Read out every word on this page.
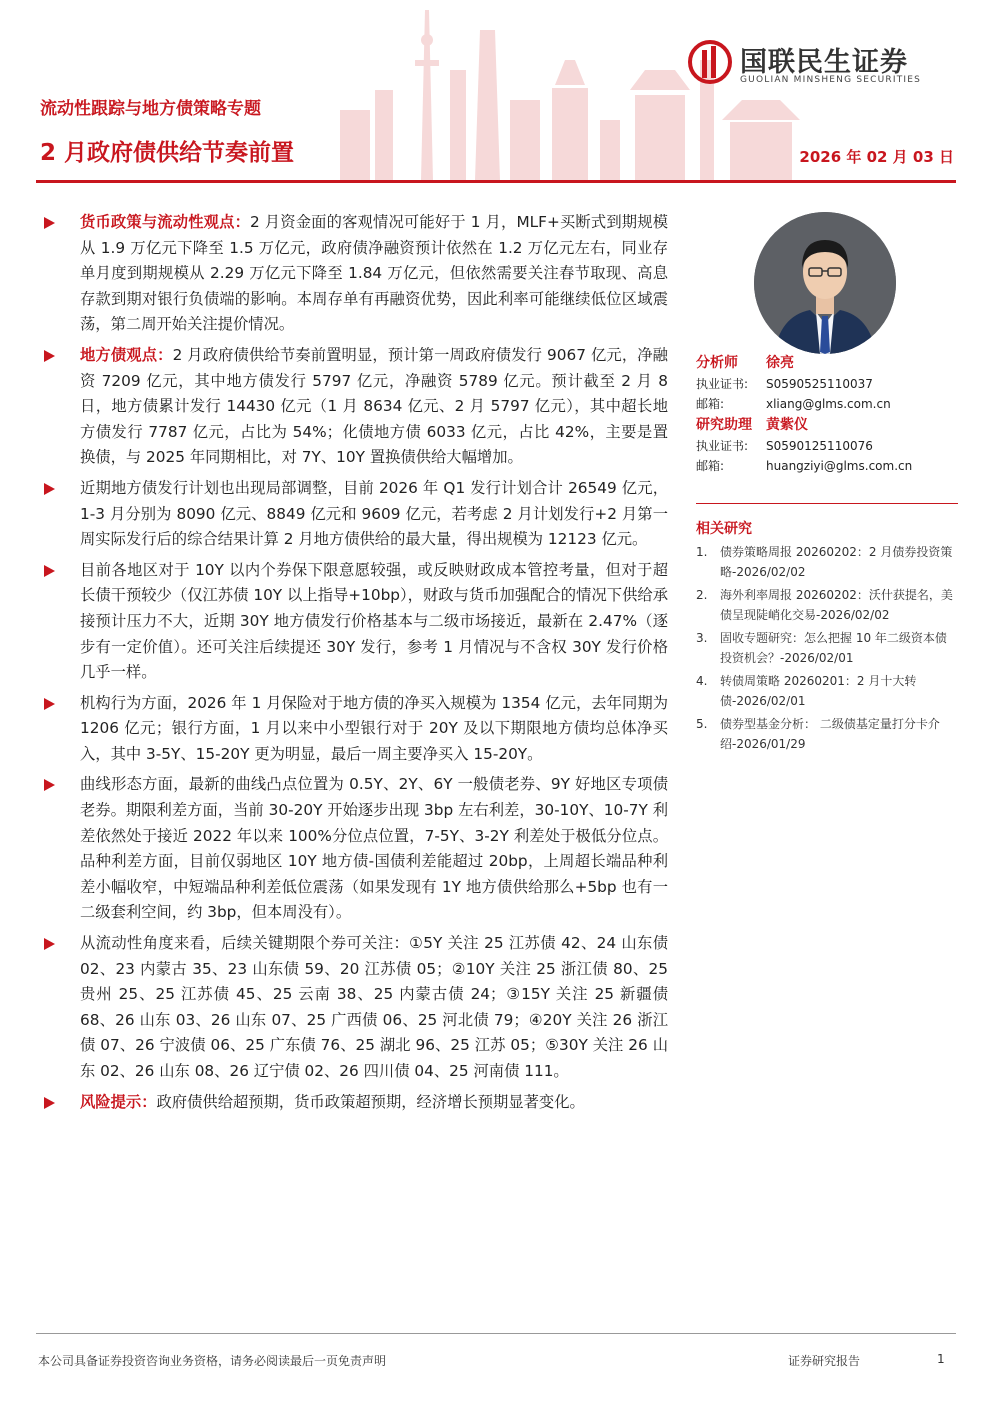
国联民生证券
GUOLIAN MINSHENG SECURITIES
流动性跟踪与地方债策略专题
2 月政府债供给节奏前置	2026 年 02 月 03 日
货币政策与流动性观点：2 月资金面的客观情况可能好于 1 月，MLF+买断式到期规模从 1.9 万亿元下降至 1.5 万亿元，政府债净融资预计依然在 1.2 万亿元左右，同业存单月度到期规模从 2.29 万亿元下降至 1.84 万亿元，但依然需要关注春节取现、高息存款到期对银行负债端的影响。本周存单有再融资优势，因此利率可能继续低位区域震荡，第二周开始关注提价情况。
地方债观点：2 月政府债供给节奏前置明显，预计第一周政府债发行 9067 亿元，净融资 7209 亿元，其中地方债发行 5797 亿元，净融资 5789 亿元。预计截至 2 月 8 日，地方债累计发行 14430 亿元（1 月 8634 亿元、2 月 5797 亿元），其中超长地方债发行 7787 亿元，占比为 54%；化债地方债 6033 亿元，占比 42%，主要是置换债，与 2025 年同期相比，对 7Y、10Y 置换债供给大幅增加。
近期地方债发行计划也出现局部调整，目前 2026 年 Q1 发行计划合计 26549 亿元，1-3 月分别为 8090 亿元、8849 亿元和 9609 亿元，若考虑 2 月计划发行+2 月第一周实际发行后的综合结果计算 2 月地方债供给的最大量，得出规模为 12123 亿元。
目前各地区对于 10Y 以内个券保下限意愿较强，或反映财政成本管控考量，但对于超长债干预较少（仅江苏债 10Y 以上指导+10bp），财政与货币加强配合的情况下供给承接预计压力不大，近期 30Y 地方债发行价格基本与二级市场接近，最新在 2.47%（逐步有一定价值）。还可关注后续提还 30Y 发行，参考 1 月情况与不含权 30Y 发行价格几乎一样。
机构行为方面，2026 年 1 月保险对于地方债的净买入规模为 1354 亿元，去年同期为 1206 亿元；银行方面，1 月以来中小型银行对于 20Y 及以下期限地方债均总体净买入，其中 3-5Y、15-20Y 更为明显，最后一周主要净买入 15-20Y。
曲线形态方面，最新的曲线凸点位置为 0.5Y、2Y、6Y 一般债老券、9Y 好地区专项债老券。期限利差方面，当前 30-20Y 开始逐步出现 3bp 左右利差，30-10Y、10-7Y 利差依然处于接近 2022 年以来 100%分位点位置，7-5Y、3-2Y 利差处于极低分位点。品种利差方面，目前仅弱地区 10Y 地方债-国债利差能超过 20bp，上周超长端品种利差小幅收窄，中短端品种利差低位震荡（如果发现有 1Y 地方债供给那么+5bp 也有一二级套利空间，约 3bp，但本周没有）。
从流动性角度来看，后续关键期限个券可关注：①5Y 关注 25 江苏债 42、24 山东债 02、23 内蒙古 35、23 山东债 59、20 江苏债 05；②10Y 关注 25 浙江债 80、25 贵州 25、25 江苏债 45、25 云南 38、25 内蒙古债 24；③15Y 关注 25 新疆债 68、26 山东 03、26 山东 07、25 广西债 06、25 河北债 79；④20Y 关注 26 浙江债 07、26 宁波债 06、25 广东债 76、25 湖北 96、25 江苏 05；⑤30Y 关注 26 山东 02、26 山东 08、26 辽宁债 02、26 四川债 04、25 河南债 111。
风险提示：政府债供给超预期，货币政策超预期，经济增长预期显著变化。
分析师 徐亮
执业证书: S0590525110037
邮箱:	xliang@glms.com.cn
研究助理 黄紫仪
执业证书: S0590125110076
邮箱:	huangziyi@glms.com.cn
相关研究
1. 债券策略周报 20260202：2 月债券投资策略-2026/02/02
2. 海外利率周报 20260202：沃什获提名，美债呈现陡峭化交易-2026/02/02
3. 固收专题研究：怎么把握 10 年二级资本债投资机会？-2026/02/01
4. 转债周策略 20260201：2 月十大转债-2026/02/01
5. 债券型基金分析： 二级债基定量打分卡介绍-2026/01/29
本公司具备证券投资咨询业务资格，请务必阅读最后一页免责声明	证券研究报告	1
